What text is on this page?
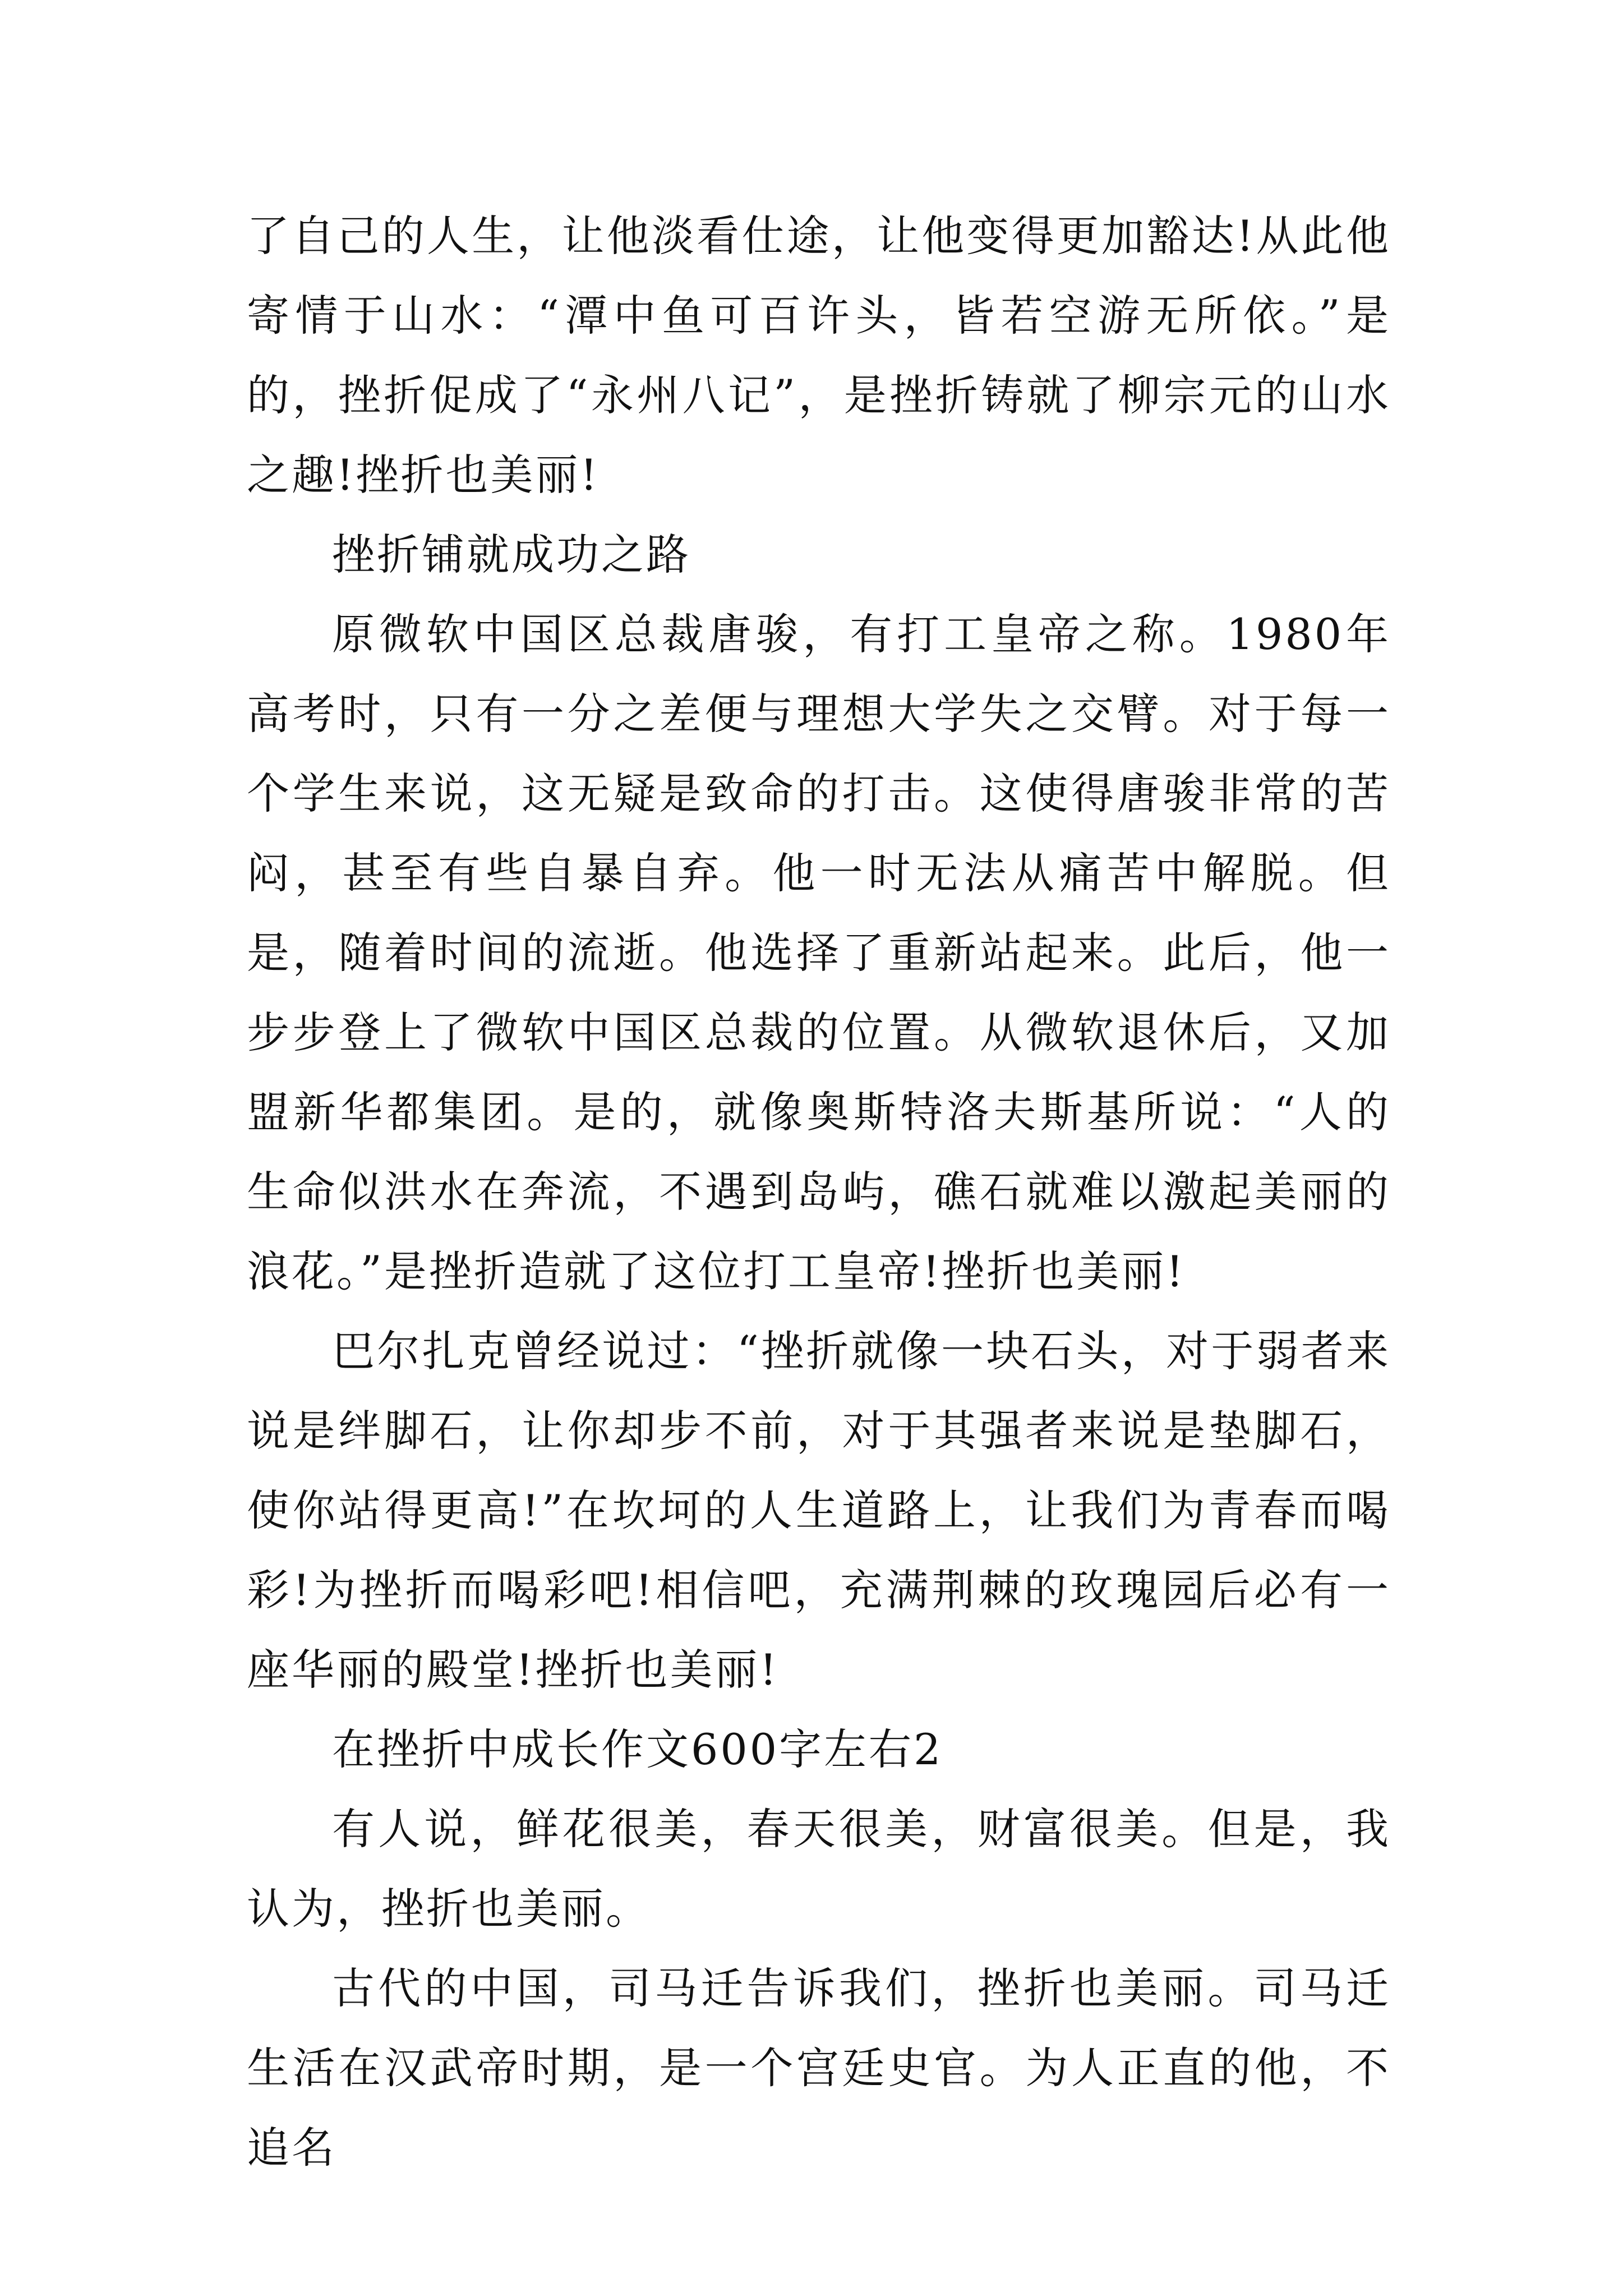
了自己的人生，让他淡看仕途，让他变得更加豁达!从此他寄情于山水：“潭中鱼可百许头，皆若空游无所依。”是的，挫折促成了“永州八记”，是挫折铸就了柳宗元的山水之趣!挫折也美丽!

挫折铺就成功之路

原微软中国区总裁唐骏，有打工皇帝之称。1980年高考时，只有一分之差便与理想大学失之交臂。对于每一个学生来说，这无疑是致命的打击。这使得唐骏非常的苦闷，甚至有些自暴自弃。他一时无法从痛苦中解脱。但是，随着时间的流逝。他选择了重新站起来。此后，他一步步登上了微软中国区总裁的位置。从微软退休后，又加盟新华都集团。是的，就像奥斯特洛夫斯基所说：“人的生命似洪水在奔流，不遇到岛屿，礁石就难以激起美丽的浪花。”是挫折造就了这位打工皇帝!挫折也美丽!

巴尔扎克曾经说过：“挫折就像一块石头，对于弱者来说是绊脚石，让你却步不前，对于其强者来说是垫脚石，使你站得更高!”在坎坷的人生道路上，让我们为青春而喝彩!为挫折而喝彩吧!相信吧，充满荆棘的玫瑰园后必有一座华丽的殿堂!挫折也美丽!

在挫折中成长作文600字左右2

有人说，鲜花很美，春天很美，财富很美。但是，我认为，挫折也美丽。

古代的中国，司马迁告诉我们，挫折也美丽。司马迁生活在汉武帝时期，是一个宫廷史官。为人正直的他，不追名
